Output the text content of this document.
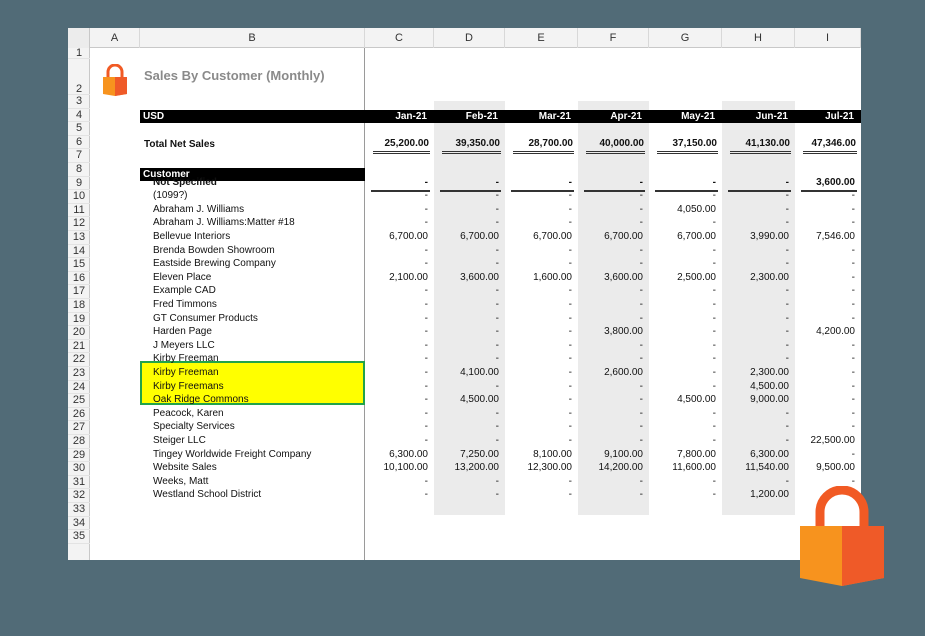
1
2
3
4
5
6
7
8
9
10
11
12
13
14
15
16
17
18
19
20
21
22
23
24
25
26
27
28
29
30
31
32
33
34
35
A	B	C	D	E	F	G	H	I
Sales By Customer (Monthly)
USD	Jan-21	Feb-21	Mar-21	Apr-21	May-21	Jun-21	Jul-21
Total Net Sales	25,200.00	39,350.00	28,700.00	40,000.00	37,150.00	41,130.00	47,346.00
Customer
Not Specified	-	-	-	-	-	-	3,600.00
(1099?)	-	-	-	-	-	-	-
Abraham J. Williams	-	-	-	-	4,050.00	-	-
Abraham J. Williams:Matter #18	-	-	-	-	-	-	-
Bellevue Interiors	6,700.00	6,700.00	6,700.00	6,700.00	6,700.00	3,990.00	7,546.00
Brenda Bowden Showroom	-	-	-	-	-	-	-
Eastside Brewing Company	-	-	-	-	-	-	-
Eleven Place	2,100.00	3,600.00	1,600.00	3,600.00	2,500.00	2,300.00	-
Example CAD	-	-	-	-	-	-	-
Fred Timmons	-	-	-	-	-	-	-
GT Consumer Products	-	-	-	-	-	-	-
Harden Page	-	-	-	3,800.00	-	-	4,200.00
J Meyers LLC	-	-	-	-	-	-	-
Kirby Freeman	-	-	-	-	-	-	-
Kirby Freeman	-	4,100.00	-	2,600.00	-	2,300.00	-
Kirby Freemans	-	-	-	-	-	4,500.00	-
Oak Ridge Commons	-	4,500.00	-	-	4,500.00	9,000.00	-
Peacock, Karen	-	-	-	-	-	-	-
Specialty Services	-	-	-	-	-	-	-
Steiger LLC	-	-	-	-	-	-	22,500.00
Tingey Worldwide Freight Company	6,300.00	7,250.00	8,100.00	9,100.00	7,800.00	6,300.00	-
Website Sales	10,100.00	13,200.00	12,300.00	14,200.00	11,600.00	11,540.00	9,500.00
Weeks, Matt	-	-	-	-	-	-	-
Westland School District	-	-	-	-	-	1,200.00	-
